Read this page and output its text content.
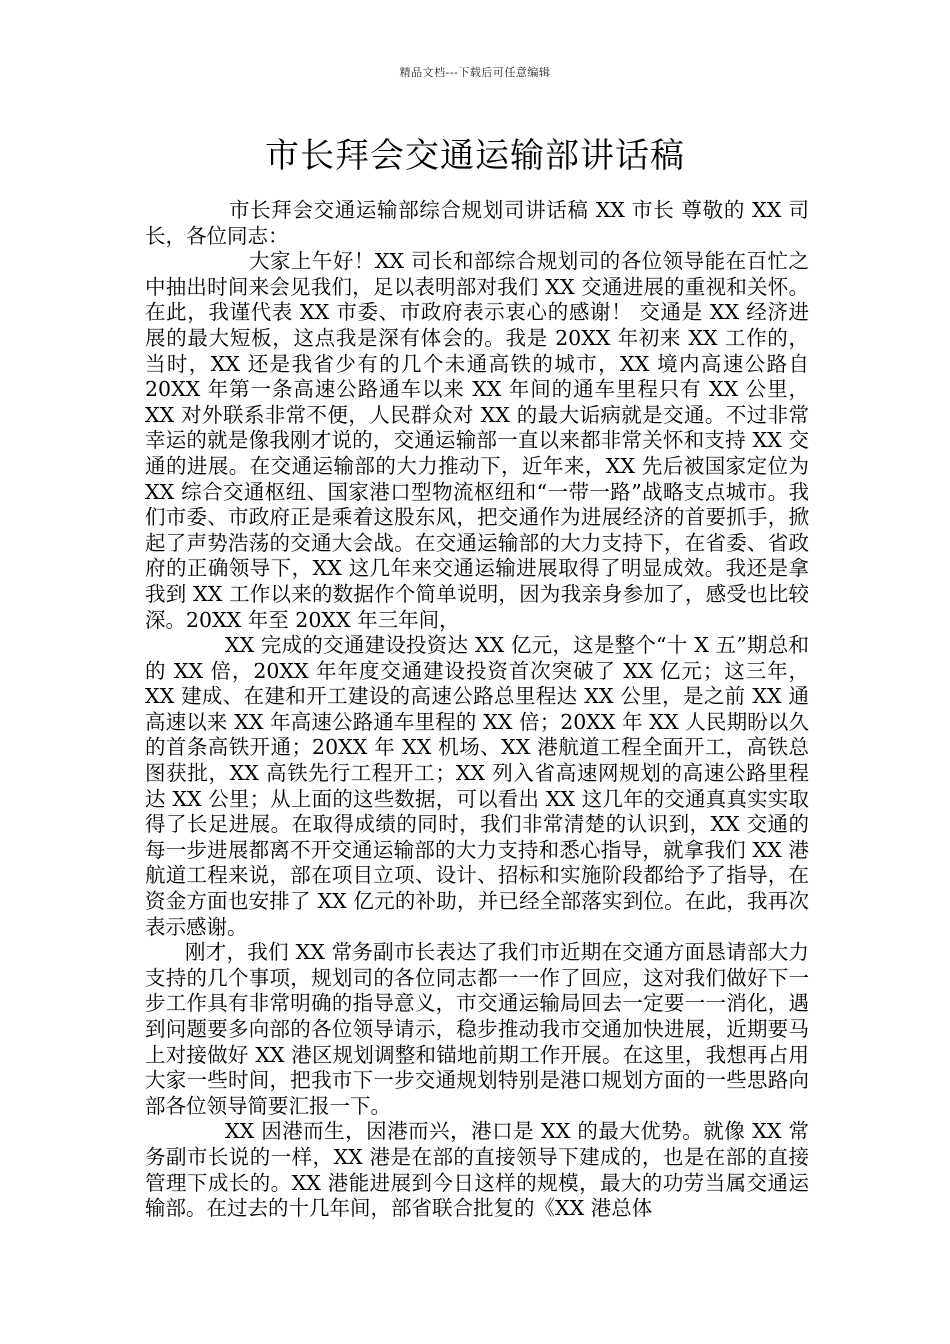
精品文档---下载后可任意编辑
市长拜会交通运输部讲话稿

市长拜会交通运输部综合规划司讲话稿 XX 市长 尊敬的 XX 司长，各位同志：

大家上午好！XX 司长和部综合规划司的各位领导能在百忙之中抽出时间来会见我们，足以表明部对我们 XX 交通进展的重视和关怀。在此，我谨代表 XX 市委、市政府表示衷心的感谢！ 交通是 XX 经济进展的最大短板，这点我是深有体会的。我是 20XX 年初来 XX 工作的，当时，XX 还是我省少有的几个未通高铁的城市，XX 境内高速公路自 20XX 年第一条高速公路通车以来 XX 年间的通车里程只有 XX 公里，XX 对外联系非常不便，人民群众对 XX 的最大诟病就是交通。不过非常幸运的就是像我刚才说的，交通运输部一直以来都非常关怀和支持 XX 交通的进展。在交通运输部的大力推动下，近年来，XX 先后被国家定位为 XX 综合交通枢纽、国家港口型物流枢纽和“一带一路”战略支点城市。我们市委、市政府正是乘着这股东风，把交通作为进展经济的首要抓手，掀起了声势浩荡的交通大会战。在交通运输部的大力支持下，在省委、省政府的正确领导下，XX 这几年来交通运输进展取得了明显成效。我还是拿我到 XX 工作以来的数据作个简单说明，因为我亲身参加了，感受也比较深。20XX 年至 20XX 年三年间，

XX 完成的交通建设投资达 XX 亿元，这是整个“十 X 五”期总和的 XX 倍，20XX 年年度交通建设投资首次突破了 XX 亿元；这三年，XX 建成、在建和开工建设的高速公路总里程达 XX 公里，是之前 XX 通高速以来 XX 年高速公路通车里程的 XX 倍；20XX 年 XX 人民期盼以久的首条高铁开通；20XX 年 XX 机场、XX 港航道工程全面开工，高铁总图获批，XX 高铁先行工程开工；XX 列入省高速网规划的高速公路里程达 XX 公里；从上面的这些数据，可以看出 XX 这几年的交通真真实实取得了长足进展。在取得成绩的同时，我们非常清楚的认识到，XX 交通的每一步进展都离不开交通运输部的大力支持和悉心指导，就拿我们 XX 港航道工程来说，部在项目立项、设计、招标和实施阶段都给予了指导，在资金方面也安排了 XX 亿元的补助，并已经全部落实到位。在此，我再次表示感谢。

刚才，我们 XX 常务副市长表达了我们市近期在交通方面恳请部大力支持的几个事项，规划司的各位同志都一一作了回应，这对我们做好下一步工作具有非常明确的指导意义，市交通运输局回去一定要一一消化，遇到问题要多向部的各位领导请示，稳步推动我市交通加快进展，近期要马上对接做好 XX 港区规划调整和锚地前期工作开展。在这里，我想再占用大家一些时间，把我市下一步交通规划特别是港口规划方面的一些思路向部各位领导简要汇报一下。

XX 因港而生，因港而兴，港口是 XX 的最大优势。就像 XX 常务副市长说的一样，XX 港是在部的直接领导下建成的，也是在部的直接管理下成长的。XX 港能进展到今日这样的规模，最大的功劳当属交通运输部。在过去的十几年间，部省联合批复的《XX 港总体
